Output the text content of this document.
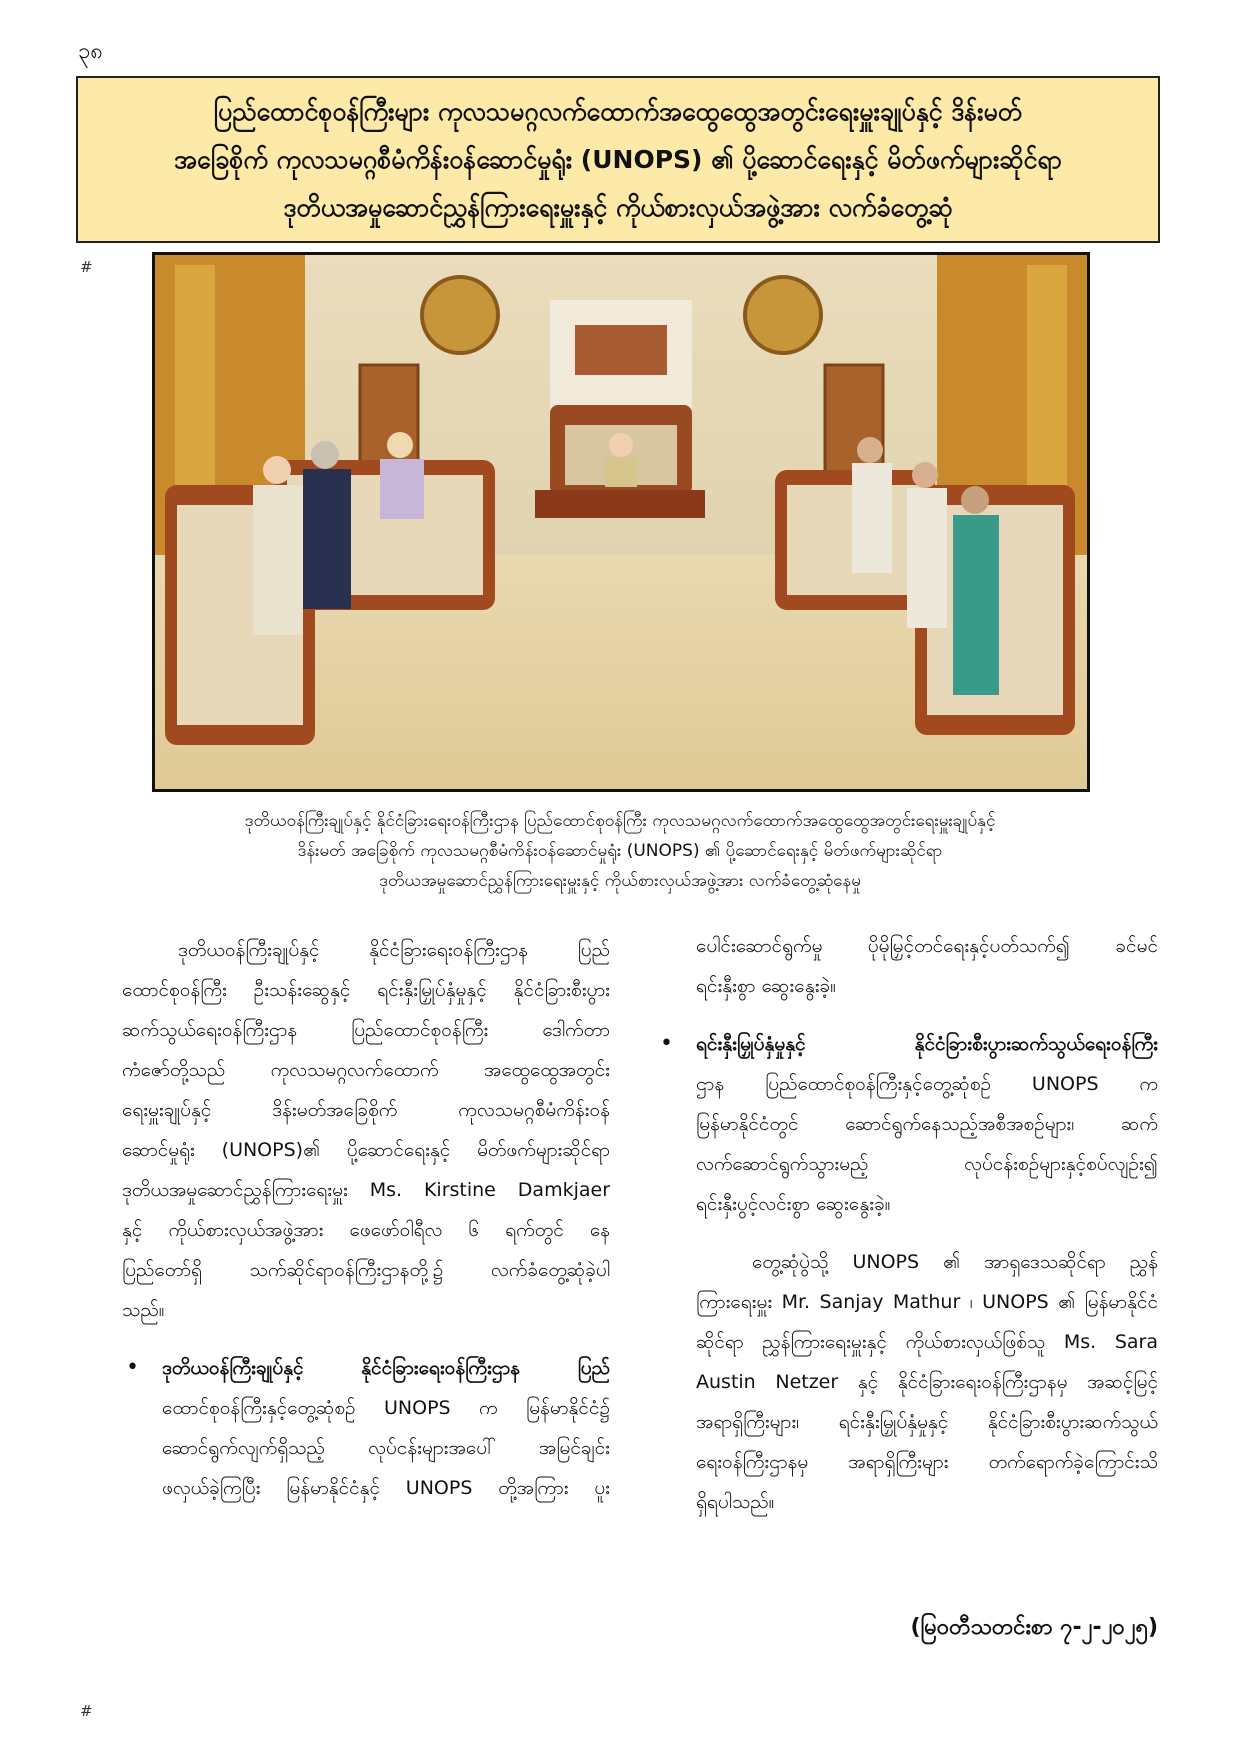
၃၈
ပြည်ထောင်စုဝန်ကြီးများ ကုလသမဂ္ဂလက်ထောက်အထွေထွေအတွင်းရေးမှူးချုပ်နှင့် ဒိန်းမတ်
အခြေစိုက် ကုလသမဂ္ဂစီမံကိန်းဝန်ဆောင်မှုရုံး (UNOPS) ၏ ပို့ဆောင်ရေးနှင့် မိတ်ဖက်များဆိုင်ရာ
ဒုတိယအမှုဆောင်ညွှန်ကြားရေးမှူးနှင့် ကိုယ်စားလှယ်အဖွဲ့အား လက်ခံတွေ့ဆုံ
#
ဒုတိယဝန်ကြီးချုပ်နှင့် နိုင်ငံခြားရေးဝန်ကြီးဌာန ပြည်ထောင်စုဝန်ကြီး ကုလသမဂ္ဂလက်ထောက်အထွေထွေအတွင်းရေးမှူးချုပ်နှင့်
ဒိန်းမတ် အခြေစိုက် ကုလသမဂ္ဂစီမံကိန်းဝန်ဆောင်မှုရုံး (UNOPS) ၏ ပို့ဆောင်ရေးနှင့် မိတ်ဖက်များဆိုင်ရာ
ဒုတိယအမှုဆောင်ညွှန်ကြားရေးမှူးနှင့် ကိုယ်စားလှယ်အဖွဲ့အား လက်ခံတွေ့ဆုံနေမှု
ဒုတိယဝန်ကြီးချုပ်နှင့် နိုင်ငံခြားရေးဝန်ကြီးဌာန ပြည်
ထောင်စုဝန်ကြီး ဦးသန်းဆွေနှင့် ရင်းနှီးမြှုပ်နှံမှုနှင့် နိုင်ငံခြားစီးပွား
ဆက်သွယ်ရေးဝန်ကြီးဌာန ပြည်ထောင်စုဝန်ကြီး ဒေါက်တာ
ကံဇော်တို့သည် ကုလသမဂ္ဂလက်ထောက် အထွေထွေအတွင်း
ရေးမှူးချုပ်နှင့် ဒိန်းမတ်အခြေစိုက် ကုလသမဂ္ဂစီမံကိန်းဝန်
ဆောင်မှုရုံး (UNOPS)၏ ပို့ဆောင်ရေးနှင့် မိတ်ဖက်များဆိုင်ရာ
ဒုတိယအမှုဆောင်ညွှန်ကြားရေးမှူး Ms. Kirstine Damkjaer
နှင့် ကိုယ်စားလှယ်အဖွဲ့အား ဖေဖော်ဝါရီလ ၆ ရက်တွင် နေ
ပြည်တော်ရှိ သက်ဆိုင်ရာဝန်ကြီးဌာနတို့၌ လက်ခံတွေ့ဆုံခဲ့ပါ
သည်။
• ဒုတိယဝန်ကြီးချုပ်နှင့် နိုင်ငံခြားရေးဝန်ကြီးဌာန ပြည်
ထောင်စုဝန်ကြီးနှင့်တွေ့ဆုံစဉ် UNOPS က မြန်မာနိုင်ငံ၌
ဆောင်ရွက်လျက်ရှိသည့် လုပ်ငန်းများအပေါ် အမြင်ချင်း
ဖလှယ်ခဲ့ကြပြီး မြန်မာနိုင်ငံနှင့် UNOPS တို့အကြား ပူး
ပေါင်းဆောင်ရွက်မှု ပိုမိုမြှင့်တင်ရေးနှင့်ပတ်သက်၍ ခင်မင်
ရင်းနှီးစွာ ဆွေးနွေးခဲ့။
• ရင်းနှီးမြှုပ်နှံမှုနှင့် နိုင်ငံခြားစီးပွားဆက်သွယ်ရေးဝန်ကြီး
ဌာန ပြည်ထောင်စုဝန်ကြီးနှင့်တွေ့ဆုံစဉ် UNOPS က
မြန်မာနိုင်ငံတွင် ဆောင်ရွက်နေသည့်အစီအစဉ်များ၊ ဆက်
လက်ဆောင်ရွက်သွားမည့် လုပ်ငန်းစဉ်များနှင့်စပ်လျဉ်း၍
ရင်းနှီးပွင့်လင်းစွာ ဆွေးနွေးခဲ့။
တွေ့ဆုံပွဲသို့ UNOPS ၏ အာရှဒေသဆိုင်ရာ ညွှန်
ကြားရေးမှူး Mr. Sanjay Mathur ၊ UNOPS ၏ မြန်မာနိုင်ငံ
ဆိုင်ရာ ညွှန်ကြားရေးမှူးနှင့် ကိုယ်စားလှယ်ဖြစ်သူ Ms. Sara
Austin Netzer နှင့် နိုင်ငံခြားရေးဝန်ကြီးဌာနမှ အဆင့်မြင့်
အရာရှိကြီးများ၊ ရင်းနှီးမြှုပ်နှံမှုနှင့် နိုင်ငံခြားစီးပွားဆက်သွယ်
ရေးဝန်ကြီးဌာနမှ အရာရှိကြီးများ တက်ရောက်ခဲ့ကြောင်းသိ
ရှိရပါသည်။
(မြဝတီသတင်းစာ ၇-၂-၂၀၂၅)
#
